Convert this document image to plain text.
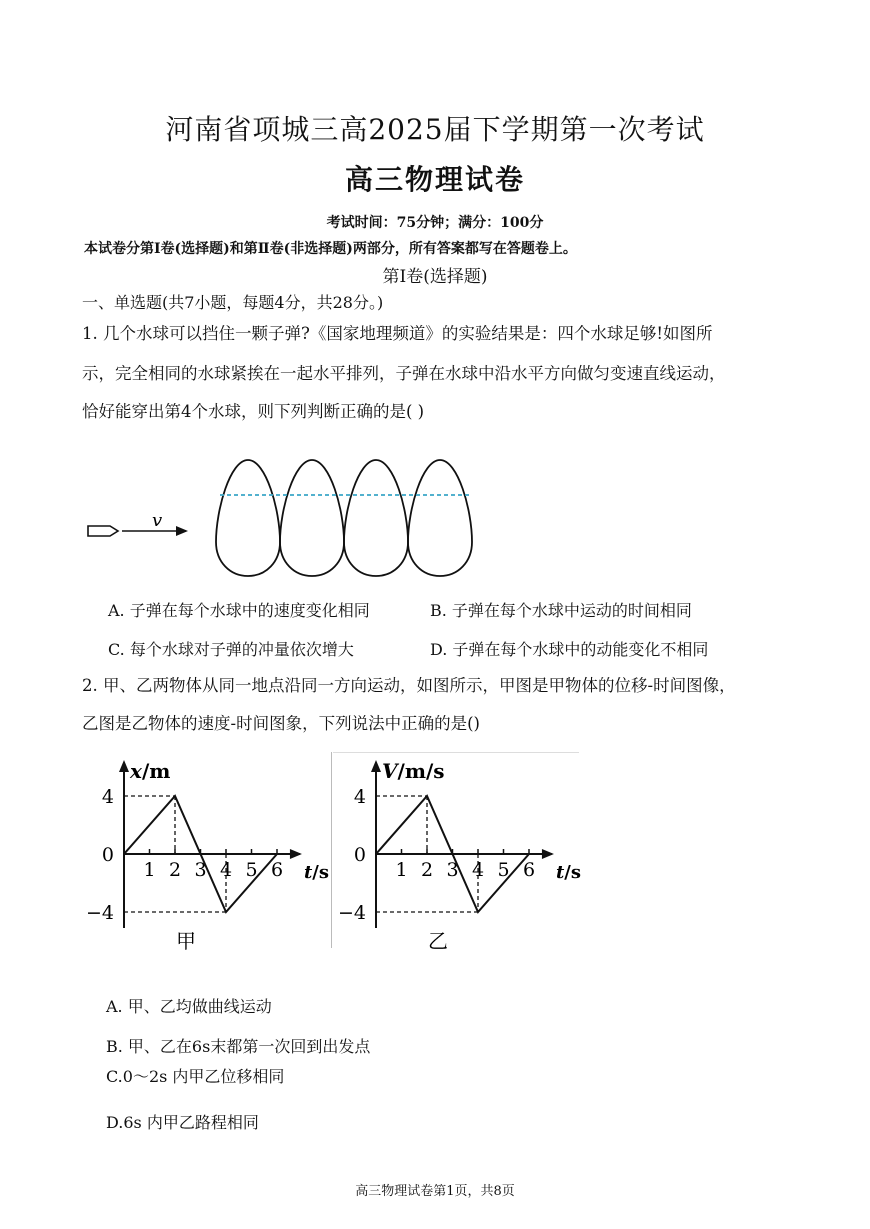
河南省项城三高2025届下学期第一次考试
高三物理试卷
考试时间：75分钟；满分：100分
本试卷分第Ⅰ卷(选择题)和第Ⅱ卷(非选择题)两部分，所有答案都写在答题卷上。
第Ⅰ卷(选择题)
一、单选题(共7小题，每题4分，共28分。)
1. 几个水球可以挡住一颗子弹?《国家地理频道》的实验结果是：四个水球足够!如图所
示，完全相同的水球紧挨在一起水平排列，子弹在水球中沿水平方向做匀变速直线运动，
恰好能穿出第4个水球，则下列判断正确的是( )
v
A. 子弹在每个水球中的速度变化相同	B. 子弹在每个水球中运动的时间相同
C. 每个水球对子弹的冲量依次增大	D. 子弹在每个水球中的动能变化不相同
2. 甲、乙两物体从同一地点沿同一方向运动，如图所示，甲图是甲物体的位移-时间图像，
乙图是乙物体的速度-时间图象，下列说法中正确的是()
x/m
t/s
4
0
−4
1 2 3 4 5 6
甲
V/m/s
t/s
4
0
−4
1 2 3 4 5 6
乙
A. 甲、乙均做曲线运动
B. 甲、乙在6s末都第一次回到出发点
C.0～2s 内甲乙位移相同
D.6s 内甲乙路程相同
高三物理试卷第1页，共8页
